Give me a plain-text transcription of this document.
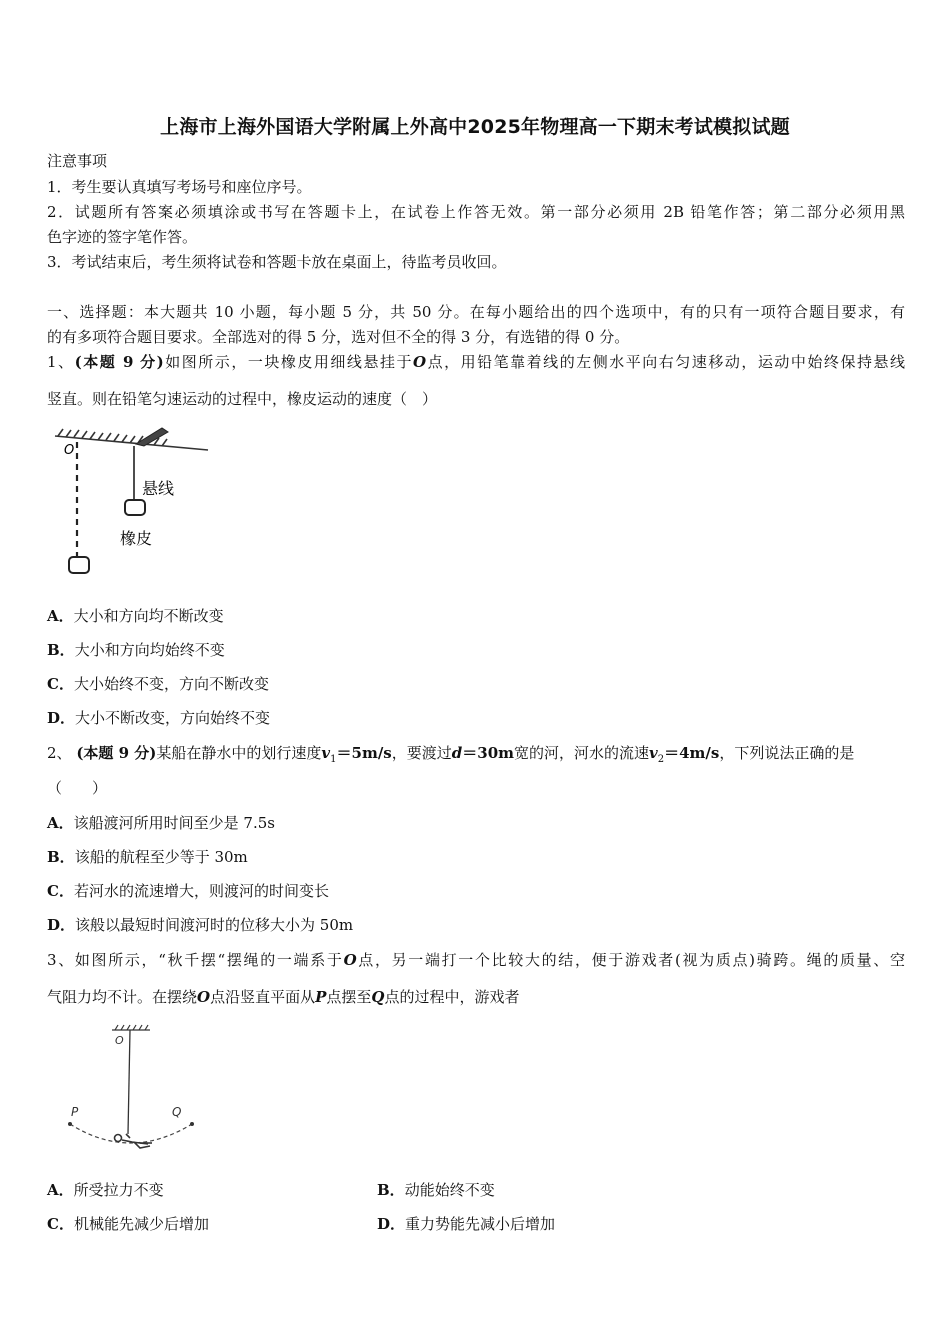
上海市上海外国语大学附属上外高中2025年物理高一下期末考试模拟试题
注意事项
1．考生要认真填写考场号和座位序号。
2．试题所有答案必须填涂或书写在答题卡上，在试卷上作答无效。第一部分必须用 2B 铅笔作答；第二部分必须用黑
色字迹的签字笔作答。
3．考试结束后，考生须将试卷和答题卡放在桌面上，待监考员收回。
一、选择题：本大题共 10 小题，每小题 5 分，共 50 分。在每小题给出的四个选项中，有的只有一项符合题目要求，有
的有多项符合题目要求。全部选对的得 5 分，选对但不全的得 3 分，有选错的得 0 分。
1、(本题 9 分)如图所示，一块橡皮用细线悬挂于O点，用铅笔靠着线的左侧水平向右匀速移动，运动中始终保持悬线
竖直。则在铅笔匀速运动的过程中，橡皮运动的速度（　）
O
悬线
橡皮
A．大小和方向均不断改变
B．大小和方向均始终不变
C．大小始终不变，方向不断改变
D．大小不断改变，方向始终不变
2、 (本题 9 分)某船在静水中的划行速度$v_1=5m/s$，要渡过d＝30m宽的河，河水的流速$v_2=4m/s$，下列说法正确的是
（　　）
A．该船渡河所用时间至少是 7.5s
B．该船的航程至少等于 30m
C．若河水的流速增大，则渡河的时间变长
D．该般以最短时间渡河时的位移大小为 50m
3、如图所示，“秋千摆“摆绳的一端系于O点，另一端打一个比较大的结，便于游戏者(视为质点)骑跨。绳的质量、空
气阻力均不计。在摆绕O点沿竖直平面从P点摆至Q点的过程中，游戏者
O
P	Q
A．所受拉力不变	B．动能始终不变
C．机械能先减少后增加	D．重力势能先减小后增加
